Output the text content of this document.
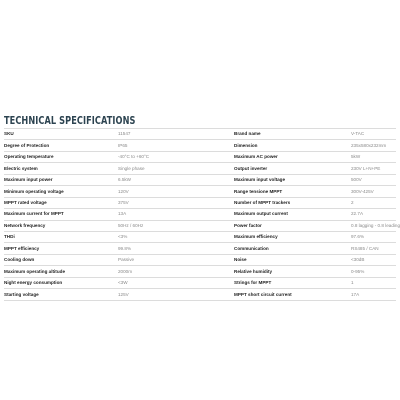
TECHNICAL SPECIFICATIONS
SKU	11547	Brand name	V-TAC
Degree of Protection	IP65	Dimension	235x580x232mm
Operating temperature	-40°C to +60°C	Maximum AC power	5kW
Electric system	Single phase	Output inverter	230V L+N+PE
Maximum input power	6.5kW	Maximum input voltage	500V
Minimum operating voltage	120V	Range tensione MPPT	300V-425V
MPPT rated voltage	375V	Number of MPPT trackers	2
Maximum current for MPPT	13A	Maximum output current	22.7A
Network frequency	50Hz / 60Hz	Power factor	0.8 lagging - 0.8 leading
THDi	<3%	Maximum efficiency	97.6%
MPPT efficiency	99.8%	Communication	RS485 / CAN
Cooling down	Passive	Noise	<30dB
Maximum operating altitude	2000m	Relative humidity	0-95%
Night energy consumption	<3W	Strings for MPPT	1
Starting voltage	125V	MPPT short circuit current	17A
